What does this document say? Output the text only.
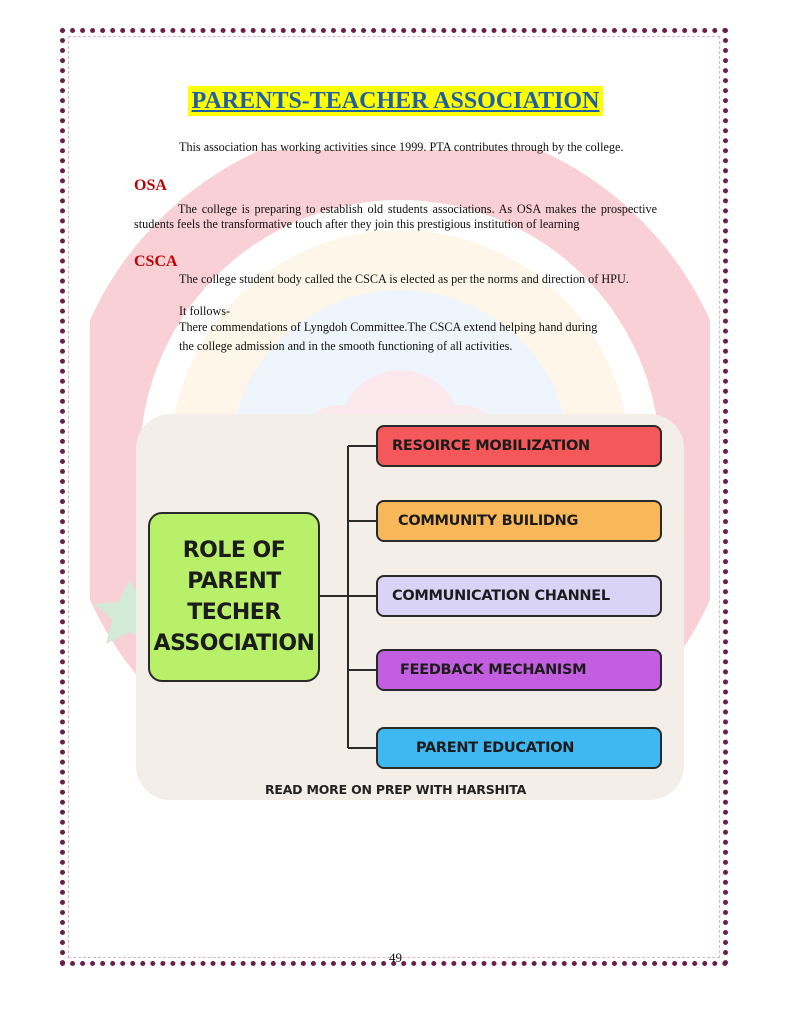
PARENTS-TEACHER ASSOCIATION

This association has working activities since 1999. PTA contributes through by the college.

OSA

The college is preparing to establish old students associations. As OSA makes the prospective students feels the transformative touch after they join this prestigious institution of learning

CSCA

The college student body called the CSCA is elected as per the norms and direction of HPU.

It follows-

There commendations of Lyngdoh Committee.The CSCA extend helping hand during

the college admission and in the smooth functioning of all activities.

ROLE OF
PARENT
TECHER
ASSOCIATION
RESOIRCE MOBILIZATION
COMMUNITY BUILIDNG
COMMUNICATION CHANNEL
FEEDBACK MECHANISM
PARENT EDUCATION
READ MORE ON PREP WITH HARSHITA
49
